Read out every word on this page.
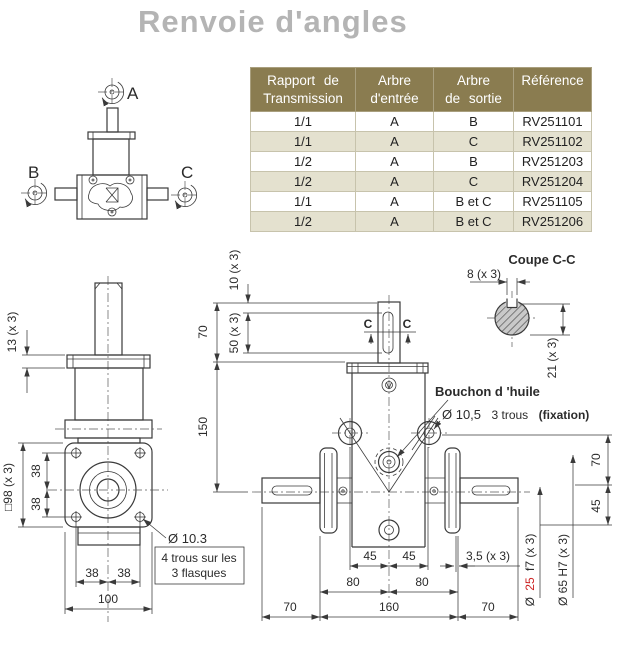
Renvoie d'angles
Rapport de
Transmission

Arbre
d'entrée

Arbre
de sortie

Référence

1/1	A	B	RV251101
1/1	A	C	RV251102
1/2	A	B	RV251203
1/2	A	C	RV251204
1/1	A	B et C	RV251105
1/2	A	B et C	RV251206
A
B	C
13 (x 3)
□98 (x 3) 38
38
38 38
100
Ø 10.3
4 trous sur les
3 flasques
C	C
10 (x 3)
50 (x 3)
70
150
Bouchon d 'huile
Ø 10,5 3 trous (fixation)
45 45	3,5 (x 3)
80	80
70	160	70
70
45
Ø 25 f7 (x 3) Ø 65 H7 (x 3)
Coupe C-C
8 (x 3)
21 (x 3)
